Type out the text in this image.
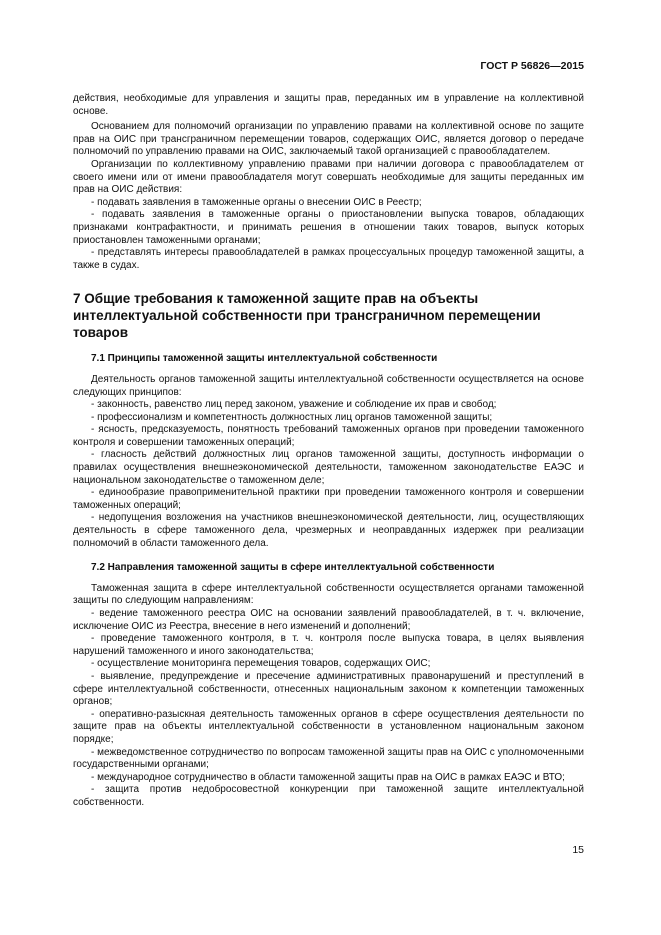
ГОСТ Р 56826—2015

действия, необходимые для управления и защиты прав, переданных им в управление на коллективной основе.

Основанием для полномочий организации по управлению правами на коллективной основе по защите прав на ОИС при трансграничном перемещении товаров, содержащих ОИС, является договор о передаче полномочий по управлению правами на ОИС, заключаемый такой организацией с правообладателем.

Организации по коллективному управлению правами при наличии договора с правообладателем от своего имени или от имени правообладателя могут совершать необходимые для защиты переданных им прав на ОИС действия:

- подавать заявления в таможенные органы о внесении ОИС в Реестр;

- подавать заявления в таможенные органы о приостановлении выпуска товаров, обладающих признаками контрафактности, и принимать решения в отношении таких товаров, выпуск которых приостановлен таможенными органами;

- представлять интересы правообладателей в рамках процессуальных процедур таможенной защиты, а также в судах.

7 Общие требования к таможенной защите прав на объекты интеллектуальной собственности при трансграничном перемещении товаров
7.1 Принципы таможенной защиты интеллектуальной собственности

Деятельность органов таможенной защиты интеллектуальной собственности осуществляется на основе следующих принципов:

- законность, равенство лиц перед законом, уважение и соблюдение их прав и свобод;

- профессионализм и компетентность должностных лиц органов таможенной защиты;

- ясность, предсказуемость, понятность требований таможенных органов при проведении таможенного контроля и совершении таможенных операций;

- гласность действий должностных лиц органов таможенной защиты, доступность информации о правилах осуществления внешнеэкономической деятельности, таможенном законодательстве ЕАЭС и национальном законодательстве о таможенном деле;

- единообразие правоприменительной практики при проведении таможенного контроля и совершении таможенных операций;

- недопущения возложения на участников внешнеэкономической деятельности, лиц, осуществляющих деятельность в сфере таможенного дела, чрезмерных и неоправданных издержек при реализации полномочий в области таможенного дела.

7.2 Направления таможенной защиты в сфере интеллектуальной собственности

Таможенная защита в сфере интеллектуальной собственности осуществляется органами таможенной защиты по следующим направлениям:

- ведение таможенного реестра ОИС на основании заявлений правообладателей, в т. ч. включение, исключение ОИС из Реестра, внесение в него изменений и дополнений;

- проведение таможенного контроля, в т. ч. контроля после выпуска товара, в целях выявления нарушений таможенного и иного законодательства;

- осуществление мониторинга перемещения товаров, содержащих ОИС;

- выявление, предупреждение и пресечение административных правонарушений и преступлений в сфере интеллектуальной собственности, отнесенных национальным законом к компетенции таможенных органов;

- оперативно-разыскная деятельность таможенных органов в сфере осуществления деятельности по защите прав на объекты интеллектуальной собственности в установленном национальным законом порядке;

- межведомственное сотрудничество по вопросам таможенной защиты прав на ОИС с уполномоченными государственными органами;

- международное сотрудничество в области таможенной защиты прав на ОИС в рамках ЕАЭС и ВТО;

- защита против недобросовестной конкуренции при таможенной защите интеллектуальной собственности.

15
